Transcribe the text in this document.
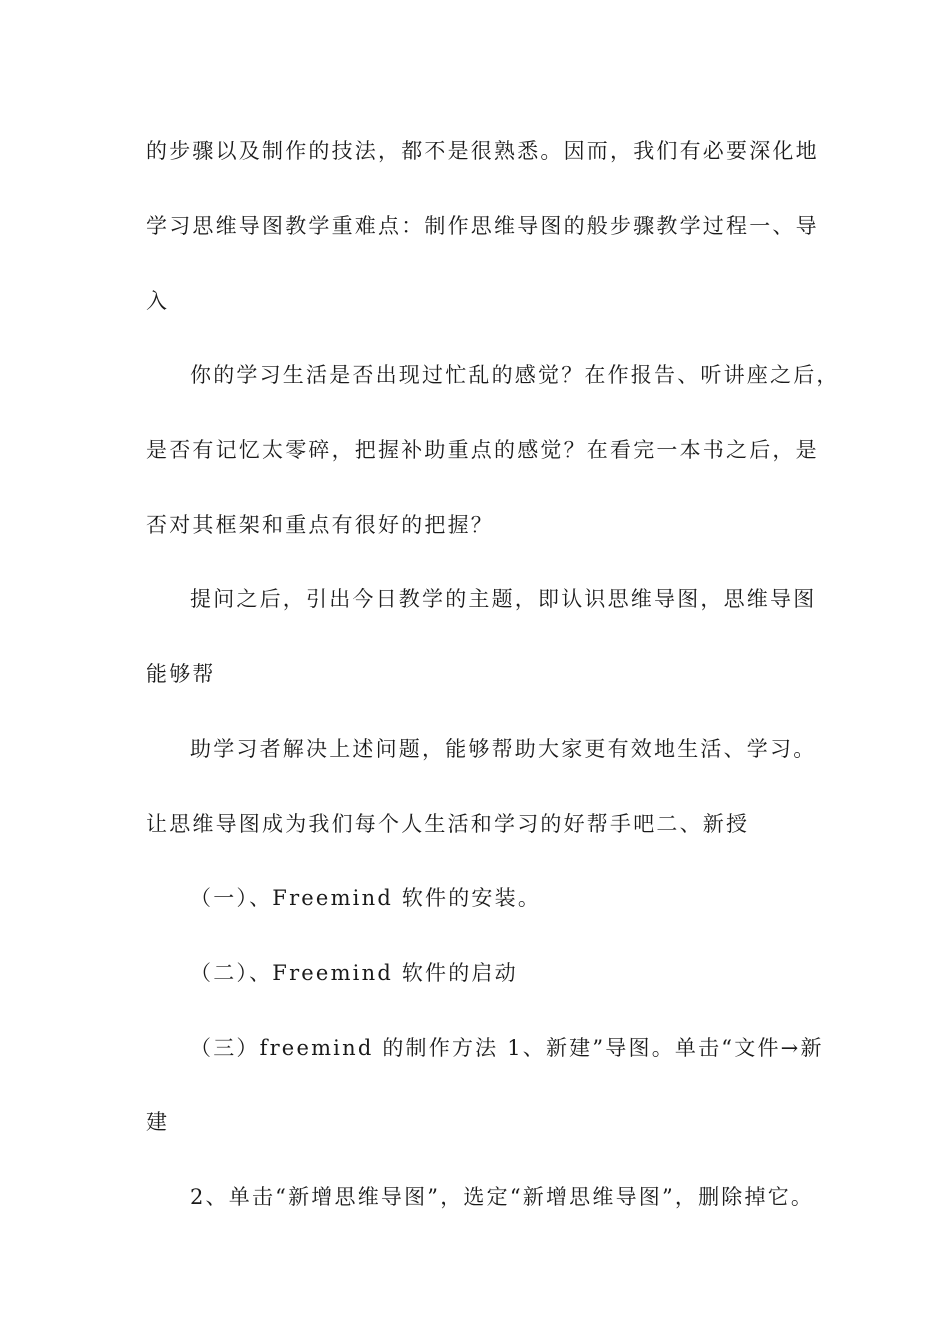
的步骤以及制作的技法，都不是很熟悉。因而，我们有必要深化地
学习思维导图教学重难点：制作思维导图的般步骤教学过程一、导
入
你的学习生活是否出现过忙乱的感觉？在作报告、听讲座之后，
是否有记忆太零碎，把握补助重点的感觉？在看完一本书之后，是
否对其框架和重点有很好的把握？
提问之后，引出今日教学的主题，即认识思维导图，思维导图
能够帮
助学习者解决上述问题，能够帮助大家更有效地生活、学习。
让思维导图成为我们每个人生活和学习的好帮手吧二、新授
（一）、Freemind 软件的安装。
（二）、Freemind 软件的启动
（三）freemind 的制作方法 1、新建”导图。单击“文件→新
建
2、单击“新增思维导图”，选定“新增思维导图”，删除掉它。
